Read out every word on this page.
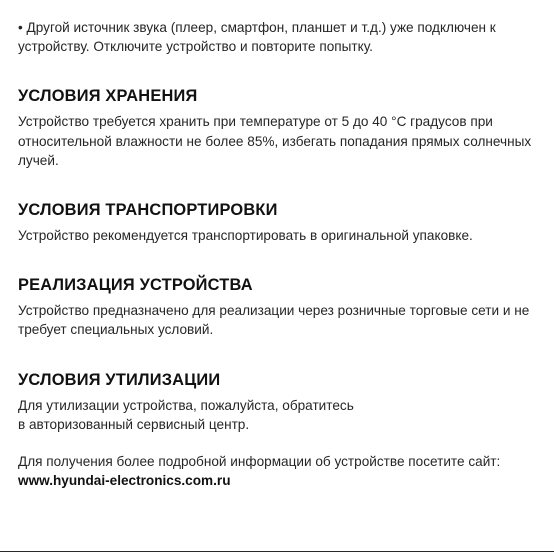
• Другой источник звука (плеер, смартфон, планшет и т.д.) уже подключен к устройству. Отключите устройство и повторите попытку.

УСЛОВИЯ ХРАНЕНИЯ

Устройство требуется хранить при температуре от 5 до 40 °С градусов при относительной влажности не более 85%, избегать попадания прямых солнечных лучей.

УСЛОВИЯ ТРАНСПОРТИРОВКИ

Устройство рекомендуется транспортировать в оригинальной упаковке.

РЕАЛИЗАЦИЯ УСТРОЙСТВА

Устройство предназначено для реализации через розничные торговые сети и не требует специальных условий.

УСЛОВИЯ УТИЛИЗАЦИИ

Для утилизации устройства, пожалуйста, обратитесь
в авторизованный сервисный центр.

Для получения более подробной информации об устройстве посетите сайт: www.hyundai-electronics.com.ru
